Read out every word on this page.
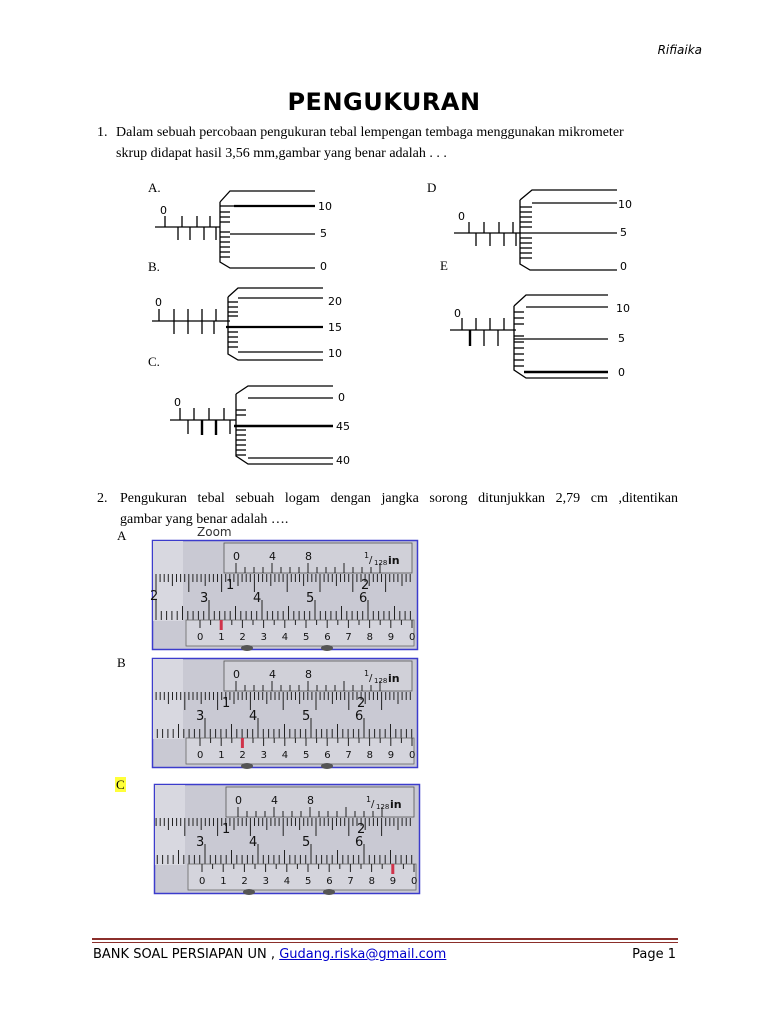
Rifiaika
PENGUKURAN
1. Dalam sebuah percobaan pengukuran tebal lempengan tembaga menggunakan mikrometer
skrup didapat hasil 3,56 mm,gambar yang benar adalah . . .
A.
B.
C.
D
E
0	10
5
0
0	20
15
10
0	0
45
40
0
10
5
0
0	10
5
0
2. Pengukuran tebal sebuah logam dengan jangka sorong ditunjukkan 2,79 cm ,ditentikan
gambar yang benar adalah ….
A
B
C
Zoom
0	4	8	1 / 128 in
1	2
2	3	4	5	6
0 1 2 3 4 5 6 7 8 9 0
0	4	8	1 / 128 in
1	2
3	4	5	6
0 1 2 3 4 5 6 7 8 9 0
0	4	8	1 / 128 in
1	2
3	4	5	6
0 1 2 3 4 5 6 7 8 9 0
BANK SOAL PERSIAPAN UN , Gudang.riska@gmail.com	Page 1
